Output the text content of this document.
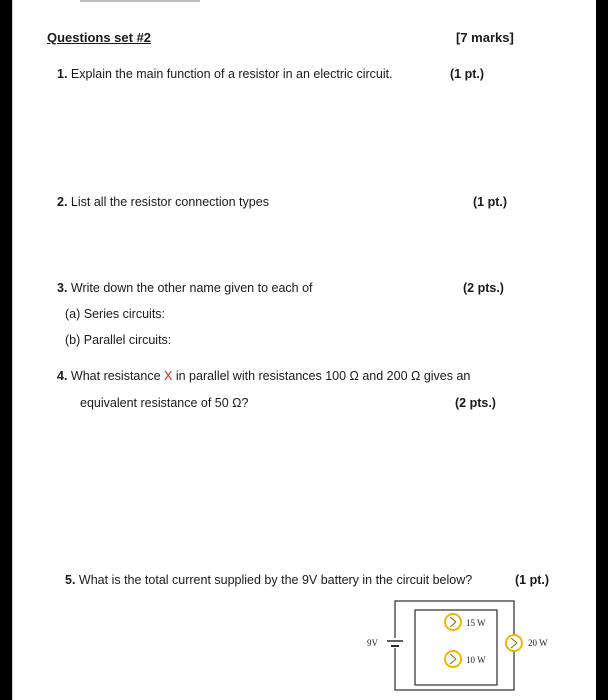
Questions set #2	[7 marks]
1. Explain the main function of a resistor in an electric circuit.	(1 pt.)
2. List all the resistor connection types	(1 pt.)
3. Write down the other name given to each of	(2 pts.)
(a) Series circuits:
(b) Parallel circuits:
4. What resistance X in parallel with resistances 100 Ω and 200 Ω gives an
equivalent resistance of 50 Ω?	(2 pts.)
5. What is the total current supplied by the 9V battery in the circuit below?	(1 pt.)
9V
15 W
10 W
20 W
